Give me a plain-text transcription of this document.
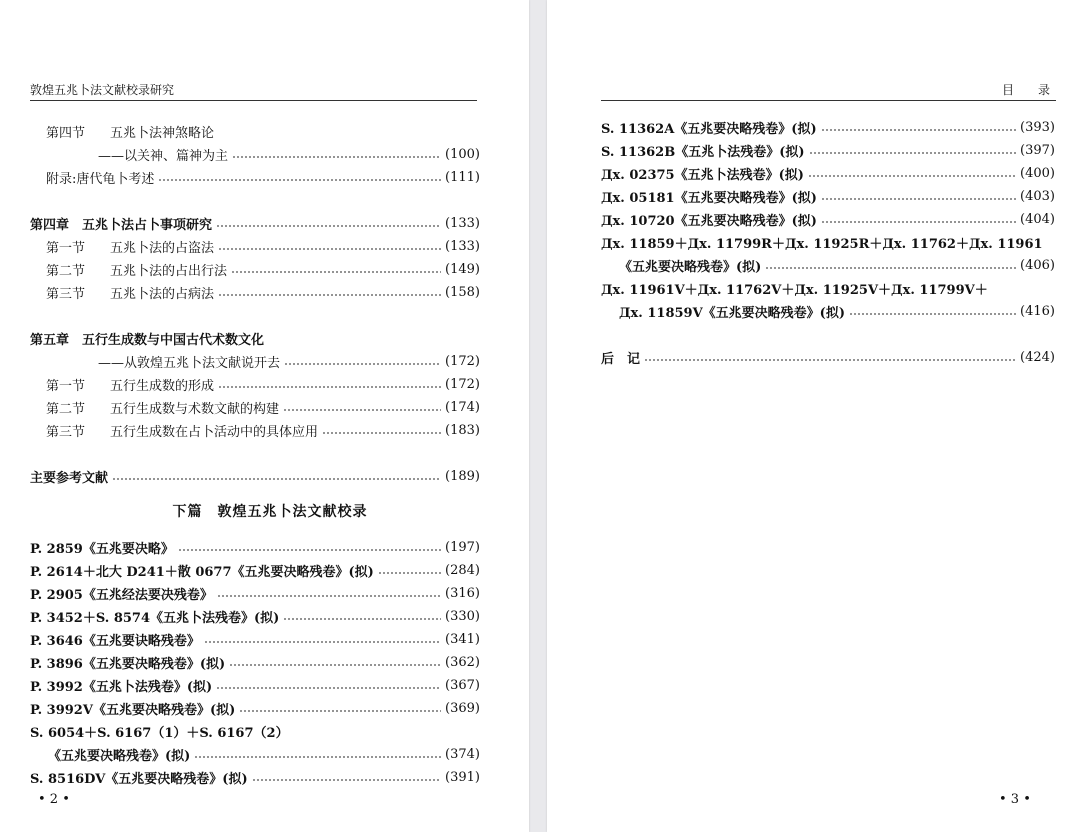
敦煌五兆卜法文献校录研究
第四节 五兆卜法神煞略论
——以关神、篇神为主	(100)
附录:唐代龟卜考述	(111)
第四章　五兆卜法占卜事项研究	(133)
第一节 五兆卜法的占盗法	(133)
第二节 五兆卜法的占出行法	(149)
第三节 五兆卜法的占病法	(158)
第五章　五行生成数与中国古代术数文化
——从敦煌五兆卜法文献说开去	(172)
第一节 五行生成数的形成	(172)
第二节 五行生成数与术数文献的构建	(174)
第三节 五行生成数在占卜活动中的具体应用	(183)
主要参考文献	(189)
下篇　敦煌五兆卜法文献校录
P. 2859《五兆要决略》	(197)
P. 2614＋北大 D241＋散 0677《五兆要决略残卷》(拟)	(284)
P. 2905《五兆经法要决残卷》	(316)
P. 3452＋S. 8574《五兆卜法残卷》(拟)	(330)
P. 3646《五兆要诀略残卷》	(341)
P. 3896《五兆要决略残卷》(拟)	(362)
P. 3992《五兆卜法残卷》(拟)	(367)
P. 3992V《五兆要决略残卷》(拟)	(369)
S. 6054＋S. 6167（1）＋S. 6167（2）
《五兆要决略残卷》(拟)	(374)
S. 8516DV《五兆要决略残卷》(拟)	(391)
• 2 •
目　录
S. 11362A《五兆要决略残卷》(拟)	(393)
S. 11362B《五兆卜法残卷》(拟)	(397)
Дx. 02375《五兆卜法残卷》(拟)	(400)
Дx. 05181《五兆要决略残卷》(拟)	(403)
Дx. 10720《五兆要决略残卷》(拟)	(404)
Дx. 11859＋Дx. 11799R＋Дx. 11925R＋Дx. 11762＋Дx. 11961
《五兆要决略残卷》(拟)	(406)
Дx. 11961V＋Дx. 11762V＋Дx. 11925V＋Дx. 11799V＋
Дx. 11859V《五兆要决略残卷》(拟)	(416)
后　记	(424)
• 3 •
